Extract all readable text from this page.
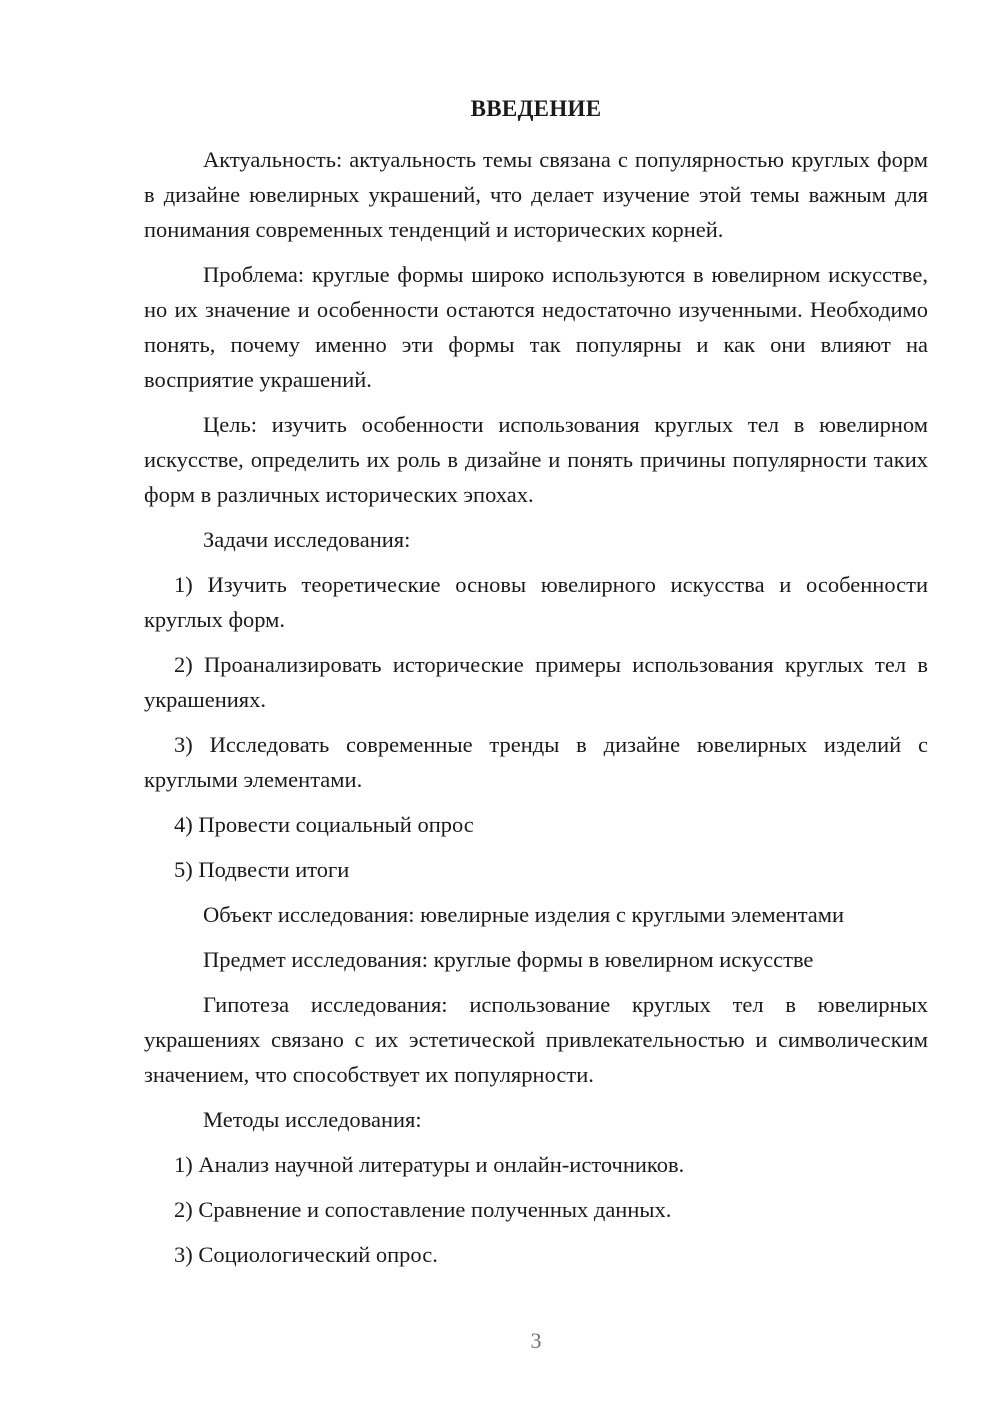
ВВЕДЕНИЕ

Актуальность: актуальность темы связана с популярностью круглых форм в дизайне ювелирных украшений, что делает изучение этой темы важным для понимания современных тенденций и исторических корней.

Проблема: круглые формы широко используются в ювелирном искусстве, но их значение и особенности остаются недостаточно изученными. Необходимо понять, почему именно эти формы так популярны и как они влияют на восприятие украшений.

Цель: изучить особенности использования круглых тел в ювелирном искусстве, определить их роль в дизайне и понять причины популярности таких форм в различных исторических эпохах.

Задачи исследования:

1) Изучить теоретические основы ювелирного искусства и особенности круглых форм.

2) Проанализировать исторические примеры использования круглых тел в украшениях.

3) Исследовать современные тренды в дизайне ювелирных изделий с круглыми элементами.

4) Провести социальный опрос

5) Подвести итоги

Объект исследования: ювелирные изделия с круглыми элементами

Предмет исследования: круглые формы в ювелирном искусстве

Гипотеза исследования: использование круглых тел в ювелирных украшениях связано с их эстетической привлекательностью и символическим значением, что способствует их популярности.

Методы исследования:

1) Анализ научной литературы и онлайн-источников.

2) Сравнение и сопоставление полученных данных.

3) Социологический опрос.

3
